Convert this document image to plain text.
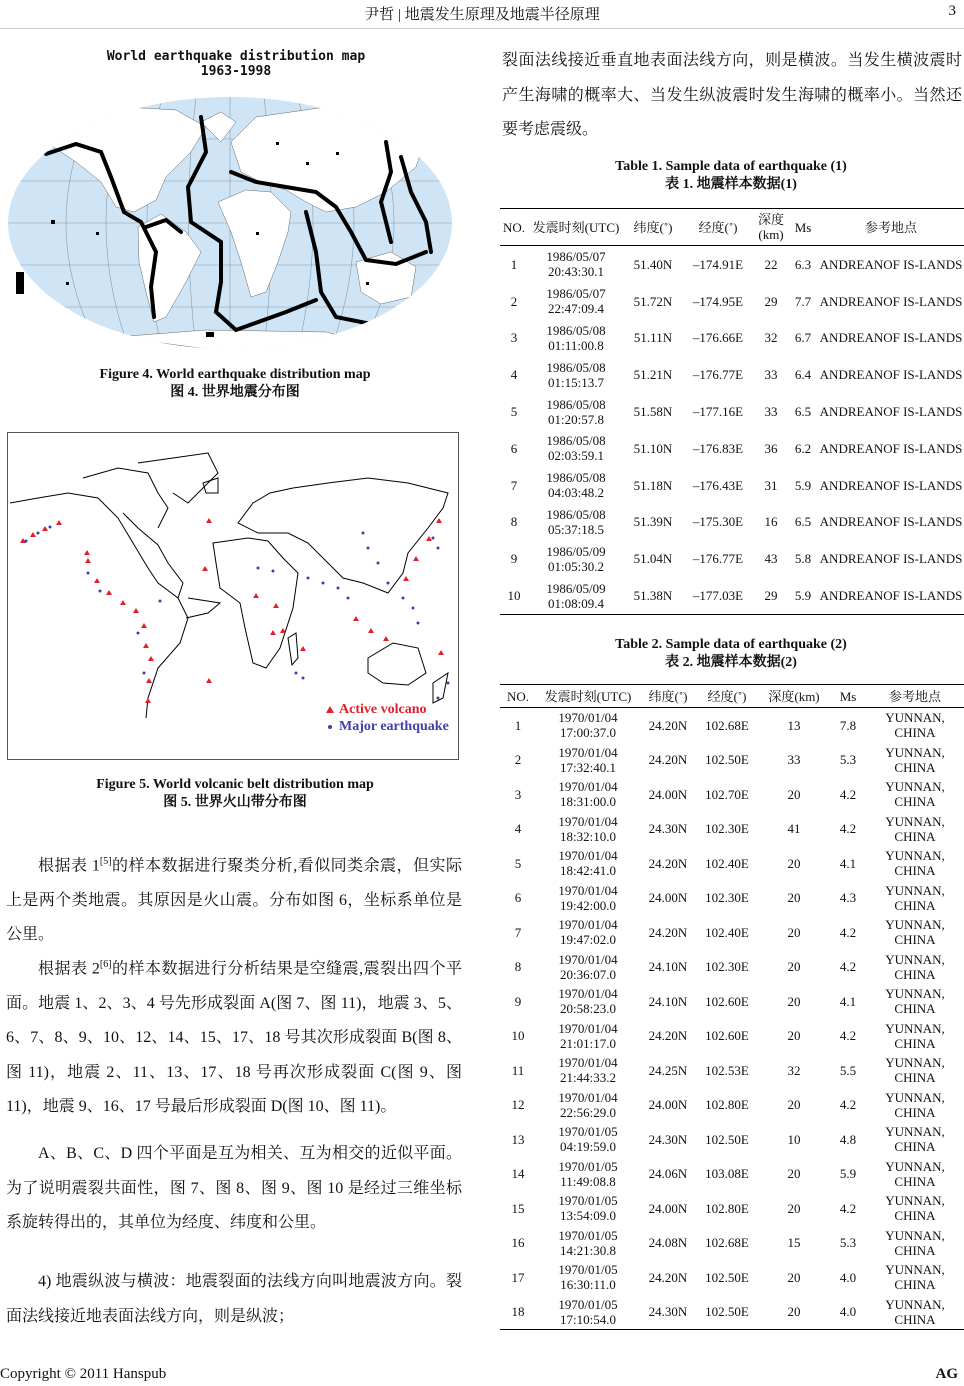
尹哲 | 地震发生原理及地震半径原理	3
World earthquake distribution map
1963-1998
Figure 4. World earthquake distribution map
图 4. 世界地震分布图
Active volcano
Major earthquake
Figure 5. World volcanic belt distribution map
图 5. 世界火山带分布图
根据表 1[5]的样本数据进行聚类分析,看似同类余震，但实际上是两个类地震。其原因是火山震。分布如图 6，坐标系单位是公里。
根据表 2[6]的样本数据进行分析结果是空缝震,震裂出四个平面。地震 1、2、3、4 号先形成裂面 A(图 7、图 11)，地震 3、5、6、7、8、9、10、12、14、15、17、18 号其次形成裂面 B(图 8、图 11)，地震 2、11、13、17、18 号再次形成裂面 C(图 9、图 11)，地震 9、16、17 号最后形成裂面 D(图 10、图 11)。
A、B、C、D 四个平面是互为相关、互为相交的近似平面。为了说明震裂共面性，图 7、图 8、图 9、图 10 是经过三维坐标系旋转得出的，其单位为经度、纬度和公里。
4) 地震纵波与横波：地震裂面的法线方向叫地震波方向。裂面法线接近地表面法线方向，则是纵波；
裂面法线接近垂直地表面法线方向，则是横波。当发生横波震时产生海啸的概率大、当发生纵波震时发生海啸的概率小。当然还要考虑震级。
Table 1. Sample data of earthquake (1)
表 1. 地震样本数据(1)
NO.	发震时刻(UTC)	纬度(˚)	经度(˚)	深度(km)	Ms	参考地点
1	1986/05/07 20:43:30.1	51.40N	–174.91E	22	6.3	ANDREANOF IS-LANDS
2	1986/05/07 22:47:09.4	51.72N	–174.95E	29	7.7	ANDREANOF IS-LANDS
3	1986/05/08 01:11:00.8	51.11N	–176.66E	32	6.7	ANDREANOF IS-LANDS
4	1986/05/08 01:15:13.7	51.21N	–176.77E	33	6.4	ANDREANOF IS-LANDS
5	1986/05/08 01:20:57.8	51.58N	–177.16E	33	6.5	ANDREANOF IS-LANDS
6	1986/05/08 02:03:59.1	51.10N	–176.83E	36	6.2	ANDREANOF IS-LANDS
7	1986/05/08 04:03:48.2	51.18N	–176.43E	31	5.9	ANDREANOF IS-LANDS
8	1986/05/08 05:37:18.5	51.39N	–175.30E	16	6.5	ANDREANOF IS-LANDS
9	1986/05/09 01:05:30.2	51.04N	–176.77E	43	5.8	ANDREANOF IS-LANDS
10	1986/05/09 01:08:09.4	51.38N	–177.03E	29	5.9	ANDREANOF IS-LANDS
Table 2. Sample data of earthquake (2)
表 2. 地震样本数据(2)
NO.	发震时刻(UTC)	纬度(˚)	经度(˚)	深度(km)	Ms	参考地点
1	1970/01/04 17:00:37.0	24.20N	102.68E	13	7.8	YUNNAN, CHINA
2	1970/01/04 17:32:40.1	24.20N	102.50E	33	5.3	YUNNAN, CHINA
3	1970/01/04 18:31:00.0	24.00N	102.70E	20	4.2	YUNNAN, CHINA
4	1970/01/04 18:32:10.0	24.30N	102.30E	41	4.2	YUNNAN, CHINA
5	1970/01/04 18:42:41.0	24.20N	102.40E	20	4.1	YUNNAN, CHINA
6	1970/01/04 19:42:00.0	24.00N	102.30E	20	4.3	YUNNAN, CHINA
7	1970/01/04 19:47:02.0	24.20N	102.40E	20	4.2	YUNNAN, CHINA
8	1970/01/04 20:36:07.0	24.10N	102.30E	20	4.2	YUNNAN, CHINA
9	1970/01/04 20:58:23.0	24.10N	102.60E	20	4.1	YUNNAN, CHINA
10	1970/01/04 21:01:17.0	24.20N	102.60E	20	4.2	YUNNAN, CHINA
11	1970/01/04 21:44:33.2	24.25N	102.53E	32	5.5	YUNNAN, CHINA
12	1970/01/04 22:56:29.0	24.00N	102.80E	20	4.2	YUNNAN, CHINA
13	1970/01/05 04:19:59.0	24.30N	102.50E	10	4.8	YUNNAN, CHINA
14	1970/01/05 11:49:08.8	24.06N	103.08E	20	5.9	YUNNAN, CHINA
15	1970/01/05 13:54:09.0	24.00N	102.80E	20	4.2	YUNNAN, CHINA
16	1970/01/05 14:21:30.8	24.08N	102.68E	15	5.3	YUNNAN, CHINA
17	1970/01/05 16:30:11.0	24.20N	102.50E	20	4.0	YUNNAN, CHINA
18	1970/01/05 17:10:54.0	24.30N	102.50E	20	4.0	YUNNAN, CHINA
Copyright © 2011 Hanspub	AG
